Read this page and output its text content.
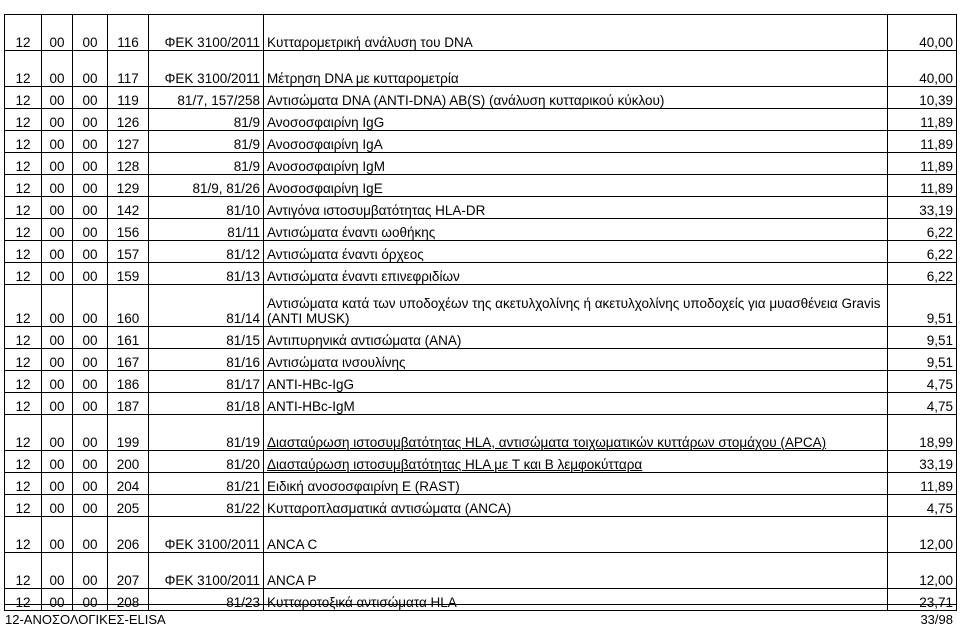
12	00	00	116	ΦΕΚ 3100/2011	Κυτταρομετρική ανάλυση του DNA	40,00
12	00	00	117	ΦΕΚ 3100/2011	Μέτρηση DNA με κυτταρομετρία	40,00
12	00	00	119	81/7, 157/258	Αντισώματα DNA (ANTI-DNA) AB(S) (ανάλυση κυτταρικού κύκλου)	10,39
12	00	00	126	81/9	Ανοσοσφαιρίνη IgG	11,89
12	00	00	127	81/9	Ανοσοσφαιρίνη IgA	11,89
12	00	00	128	81/9	Ανοσοσφαιρίνη IgM	11,89
12	00	00	129	81/9, 81/26	Ανοσοσφαιρίνη IgE	11,89
12	00	00	142	81/10	Αντιγόνα ιστοσυμβατότητας HLA-DR	33,19
12	00	00	156	81/11	Αντισώματα έναντι ωοθήκης	6,22
12	00	00	157	81/12	Αντισώματα έναντι όρχεος	6,22
12	00	00	159	81/13	Αντισώματα έναντι επινεφριδίων	6,22
12	00	00	160	81/14	Αντισώματα κατά των υποδοχέων της ακετυλχολίνης ή ακετυλχολίνης υποδοχείς για μυασθένεια Gravis (ANTI MUSK)	9,51
12	00	00	161	81/15	Αντιπυρηνικά αντισώματα (ANA)	9,51
12	00	00	167	81/16	Αντισώματα ινσουλίνης	9,51
12	00	00	186	81/17	ANTI-HBc-IgG	4,75
12	00	00	187	81/18	ANTI-HBc-IgM	4,75
12	00	00	199	81/19	Διασταύρωση ιστοσυμβατότητας HLA, αντισώματα τοιχωματικών κυττάρων στομάχου (APCA)	18,99
12	00	00	200	81/20	Διασταύρωση ιστοσυμβατότητας HLA με T και B λεμφοκύτταρα	33,19
12	00	00	204	81/21	Ειδική ανοσοσφαιρίνη E (RAST)	11,89
12	00	00	205	81/22	Κυτταροπλασματικά αντισώματα (ANCA)	4,75
12	00	00	206	ΦΕΚ 3100/2011	ANCA C	12,00
12	00	00	207	ΦΕΚ 3100/2011	ANCA P	12,00
12	00	00	208	81/23	Κυτταροτοξικά αντισώματα HLA	23,71
12-ΑΝΟΣΟΛΟΓΙΚΕΣ-ELISA	33/98
